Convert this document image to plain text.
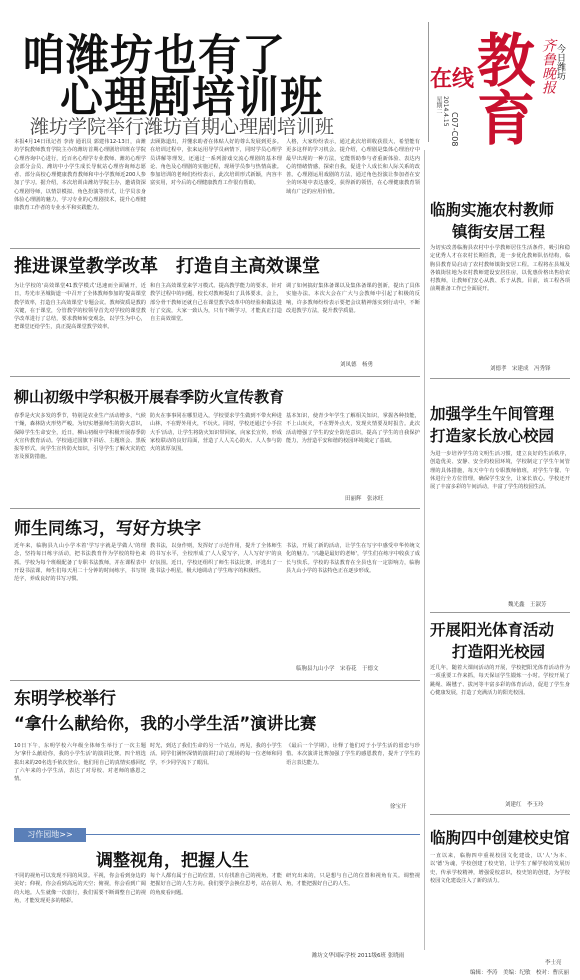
咱潍坊也有了
心理剧培训班
潍坊学院举行潍坊首期心理剧培训班
本报4月14日讯记者 李涛 通讯员 郭建伟12-13日，由潍坊学院教师教育学院主办的潍坊首期心理剧培训班在学院心理咨询中心进行，近百名心理学专业教师、潍坊心理学会部分会员、潍坊中小学生成长导航站心理咨询师志愿者、部分高校心理健康教育教师和中小学教师近200人参加了学习。据介绍，本次培训由潍坊学院主办，邀请资深心理剧导师，以情景模拟、角色扮演等形式，让学员亲身体验心理剧的魅力，学习专业的心理剧技术，提升心理健康教育工作者的专业水平和实践能力。
去顾陈道出，并懂求助者在体贴人好的尊么发展到更多。在培训过程中，张来运用导学员病情下，同时学员心理学员讲解等理发，还通过一系列游戏交流心理剧的基本理论、角色及心理剧的实施过程，现场学员参与热情高涨。参加培训的老师们纷纷表示，此次培训形式新颖，内容丰富实用，对今后的心理健康教育工作很有帮助。
人格，大家纷纷表示，通过此次培训收获很大，希望能有更多这样的学习机会。提介绍，心理剧是集体心理治疗中最早出现的一种方法，它能帮助参与者重新体验、表达内心的情绪情感，探索自我，促进个人成长和人际关系的改善。心理剧运用戏剧的方法，通过角色扮演让参加者在安全的环境中表达感受，获得新的领悟，在心理健康教育领域有广泛的应用价值。
齐鲁晚报 今日潍坊
在线
教育
星期二 2014.4.15
C07-C08
推进课堂教学改革　打造自主高效课堂
为让学校的'高效课堂41教学模式'迅速而全面铺开，近日，寿光市圣城街道一中召开了全体教师参加的'提高课堂教学效率，打造自主高效课堂'专题会议。教师资质是教的关键，在于课堂，分管教学的校领导首先对学校的课堂教学改革进行了总结，要求教师转变观念，以学生为中心，把课堂还给学生，真正提高课堂教学效率。
和自主高效课堂来学习模式。提高教学能力的要求，针对教学过程中的问题，校长对教师提出了具体要求，会上，部分骨干教师还就自己在课堂教学改革中的经验和做法进行了交流，大家一致认为，只有不断学习，才能真正打造自主高效课堂。
调了如何搞好集体备课以及集体备课的创新，提出了具体实施办法。本次大会在广大与会教师中引起了积极的反响，许多教师纷纷表示要把会议精神落实到行动中，不断改进教学方法，提升教学质量。
刘凤德　杨勇
柳山初级中学积极开展春季防火宣传教育
春季是火灾多发的季节，特别是农业生产活动增多，气候干燥，森林防火形势严峻。为切实增强师生的防火意识，保障学生生命安全，近日，柳山初级中学积极开展春季防火宣传教育活动。学校通过国旗下讲话、主题班会、黑板报等形式，向学生宣传防火知识，引导学生了解火灾的危害及预防措施。
防火在事事同在哪里进入，学校要求学生做到不带火种进山林，不在野外用火，不玩火。同时，学校还通过'小手拉大手'活动，让学生将防火知识带回家，向家长宣传，形成家校联动的良好局面，营造了人人关心防火、人人参与防火的浓厚氛围。
基本知识，使青少年学生了解相关知识，掌握各种技能，不上山玩火，不在野外点火，发现火情要及时报告。此次活动增强了学生的安全防范意识，提高了学生的自我保护能力，为营造平安和谐的校园环境奠定了基础。
田丽辉　张冰旺
师生同练习，写好方块字
近年来，临朐县九山小学本着'学写字就是学做人'的理念，坚持每日练字活动，把书法教育作为学校的特色来抓。学校为每个班级配备了专职书法教师，并在课程表中开设书法课，师生们每天用二十分钟的时间练字，书写规范字，养成良好的书写习惯。
教书法，以身作则，发挥好了示范作用，提升了全体师生的书写水平，全校形成了'人人爱写字，人人写好字'的良好氛围。近日，学校还组织了师生书法比赛，评选出了一批书法小明星，极大地调动了学生练字的积极性。
书法，开展了新的活动，让学生在写字中感受中华传统文化的魅力。'兴趣是最好的老师'，学生们在练字中收获了成长与快乐。学校的书法教育在全县也有一定影响力，临朐县九山小学的书法特色正在逐步形成。
临朐县九山小学　宋春花　于德文
东明学校举行
“拿什么献给你，我的小学生活”演讲比赛
10日下午，东明学校六年级全体师生举行了一次主题为'拿什么献给你，我的小学生活'的演讲比赛。四个班选拔出来的20名选手依次登台，他们用自己的真情实感回忆了六年来的小学生活，表达了对母校、对老师的感恩之情。
时光，到达了我们生命的另一个站点，再见，我的小学生活。同学们满怀深情的演讲打动了现场的每一位老师和同学，不少同学流下了眼泪。
《最后一个学期》，诠释了他们对于小学生活的留恋与珍惜。本次演讲比赛加强了学生的感恩教育，提升了学生的语言表达能力。
徐宝开
习作园地>>
调整视角，把握人生
不同的视角可以发现不同的风景。平视，你会看到身边的美好；仰视，你会看到高远的天空；俯视，你会看到广阔的大地。人生就像一次旅行，我们需要不断调整自己的视角，才能发现更多的精彩。
每个人都有属于自己的位置，只有找准自己的视角，才能把握好自己的人生方向。我们要学会换位思考，站在别人的角度看问题。
研究出来的，只是想与自己的位置和视角有关。调整视角，才能把握好自己的人生。
潍坊文华国际学校 2011级6班 张晓雨
临朐实施农村教师
镇街安居工程
为切实改善临朐县农村中小学教师居住生活条件，吸引和稳定优秀人才在农村长期任教，进一步优化教师队伍结构，临朐县教育局启动了农村教师镇街安居工程。工程将在县城及各镇街驻地为农村教师建设安居住房，以优惠价格出售给农村教师，让教师们安心从教、乐于从教。目前，该工程各项前期准备工作已全面展开。
刘德孝　宋建成　冯秀锋
加强学生午间管理
打造家长放心校园
为进一步培养学生的文明生活习惯，建立良好的生活秩序，创造优美、安静、安全的校园环境，学校制定了学生午间管理的具体措施，每天中午有专职教师值班，对学生午餐、午休进行全方位管理，确保学生安全，让家长放心。学校还开展了丰富多彩的午间活动，丰富了学生的校园生活。
魏光鑫　王淑芳
开展阳光体育活动
打造阳光校园
近几年，随着大课间活动的开展，学校把阳光体育活动作为一项重要工作来抓，每天保证学生锻炼一小时。学校开展了跳绳、踢毽子、拔河等丰富多彩的体育活动，促进了学生身心健康发展，打造了充满活力的阳光校园。
刘建红　李玉玲
临朐四中创建校史馆
一直以来，临朐四中重视校园文化建设，以'人'为本、以'德'为魂，学校创建了校史馆，让学生了解学校的发展历史，传承学校精神，增强爱校意识，校史馆的创建，为学校校园文化建设注入了新的活力。
李士亮
编辑：李涛　美编：纪敏　校对：曹庆丽
